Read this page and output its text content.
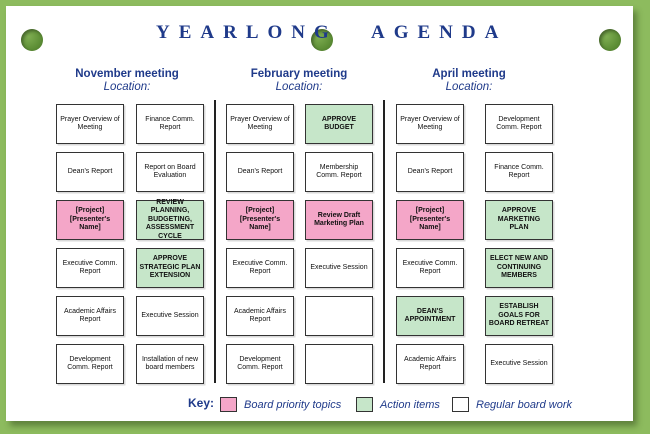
YEARLONG AGENDA
November meeting
Location:
February meeting
Location:
April meeting
Location:
Prayer Overview of Meeting
Dean's Report
[Project] [Presenter's Name]
Executive Comm. Report
Academic Affairs Report
Development Comm. Report
Finance Comm. Report
Report on Board Evaluation
REVIEW PLANNING, BUDGETING, ASSESSMENT CYCLE
APPROVE STRATEGIC PLAN EXTENSION
Executive Session
Installation of new board members
Prayer Overview of Meeting
Dean's Report
[Project] [Presenter's Name]
Executive Comm. Report
Academic Affairs Report
Development Comm. Report
APPROVE BUDGET
Membership Comm. Report
Review Draft Marketing Plan
Executive Session
Prayer Overview of Meeting
Dean's Report
[Project] [Presenter's Name]
Executive Comm. Report
DEAN'S APPOINTMENT
Academic Affairs Report
Development Comm. Report
Finance Comm. Report
APPROVE MARKETING PLAN
ELECT NEW AND CONTINUING MEMBERS
ESTABLISH GOALS FOR BOARD RETREAT
Executive Session
Key:	Board priority topics	Action items	Regular board work
